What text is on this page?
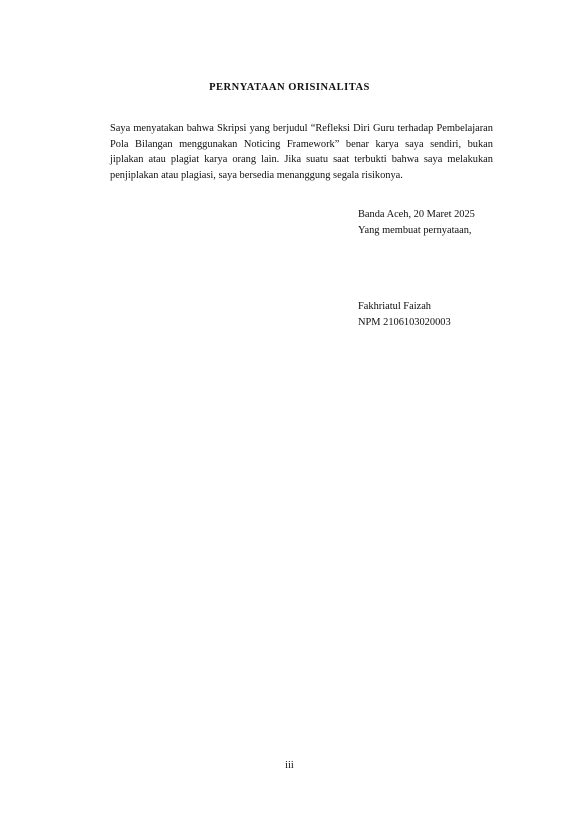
PERNYATAAN ORISINALITAS

Saya menyatakan bahwa Skripsi yang berjudul “Refleksi Diri Guru terhadap Pembelajaran Pola Bilangan menggunakan Noticing Framework” benar karya saya sendiri, bukan jiplakan atau plagiat karya orang lain. Jika suatu saat terbukti bahwa saya melakukan penjiplakan atau plagiasi, saya bersedia menanggung segala risikonya.

Banda Aceh, 20 Maret 2025
Yang membuat pernyataan,
Fakhriatul Faizah
NPM 2106103020003
iii
